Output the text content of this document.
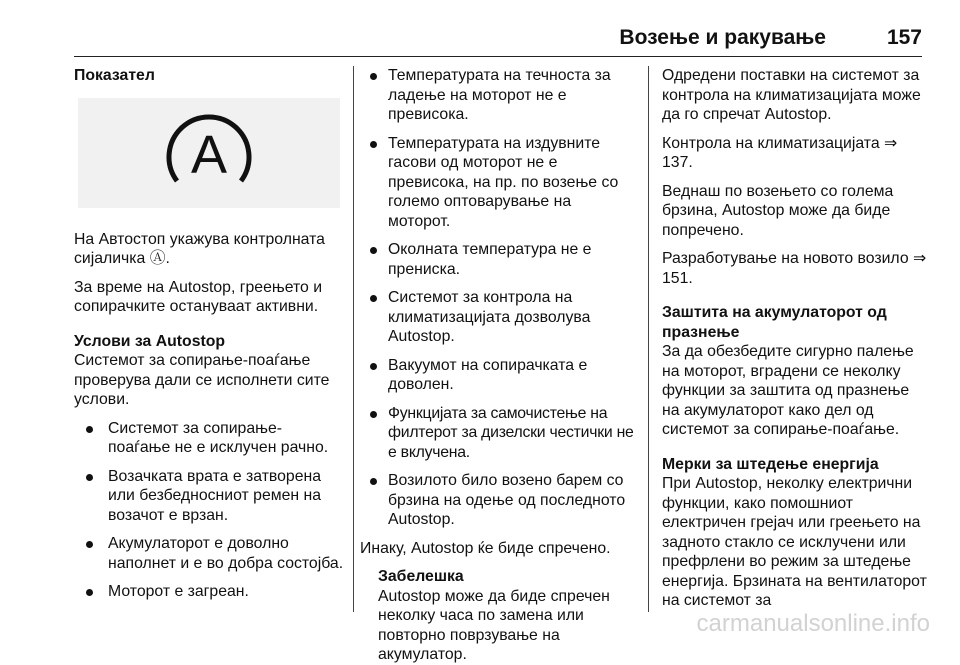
Возење и ракување	157
Показател
A
На Автостоп укажува контролната сијаличка Ⓐ.
За време на Autostop, греењето и сопирачките остануваат активни.
Услови за Autostop
Системот за сопирање-поаѓање проверува дали се исполнети сите услови.
Системот за сопирање-поаѓање не е исклучен рачно.
Возачката врата е затворена или безбедносниот ремен на возачот е врзан.
Акумулаторот е доволно наполнет и е во добра состојба.
Моторот е загреан.
Температурата на течноста за ладење на моторот не е превисока.
Температурата на издувните гасови од моторот не е превисока, на пр. по возење со големо оптоварување на моторот.
Околната температура не е прениска.
Системот за контрола на климатизацијата дозволува Autostop.
Вакуумот на сопирачката е доволен.
Функцијата за самочистење на филтерот за дизелски честички не е вклучена.
Возилото било возено барем со брзина на одење од последното Autostop.
Инаку, Autostop ќе биде спречено.
Забелешка
Autostop може да биде спречен неколку часа по замена или повторно поврзување на акумулатор.
Одредени поставки на системот за контрола на климатизацијата може да го спречат Autostop.
Контрола на климатизацијата ⇒ 137.
Веднаш по возењето со голема брзина, Autostop може да биде попречено.
Разработување на новото возило ⇒ 151.
Заштита на акумулаторот од празнење
За да обезбедите сигурно палење на моторот, вградени се неколку функции за заштита од празнење на акумулаторот како дел од системот за сопирање-поаѓање.
Мерки за штедење енергија
При Autostop, неколку електрични функции, како помошниот електричен грејач или греењето на задното стакло се исклучени или префрлени во режим за штедење енергија. Брзината на вентилаторот на системот за
carmanualsonline.info
